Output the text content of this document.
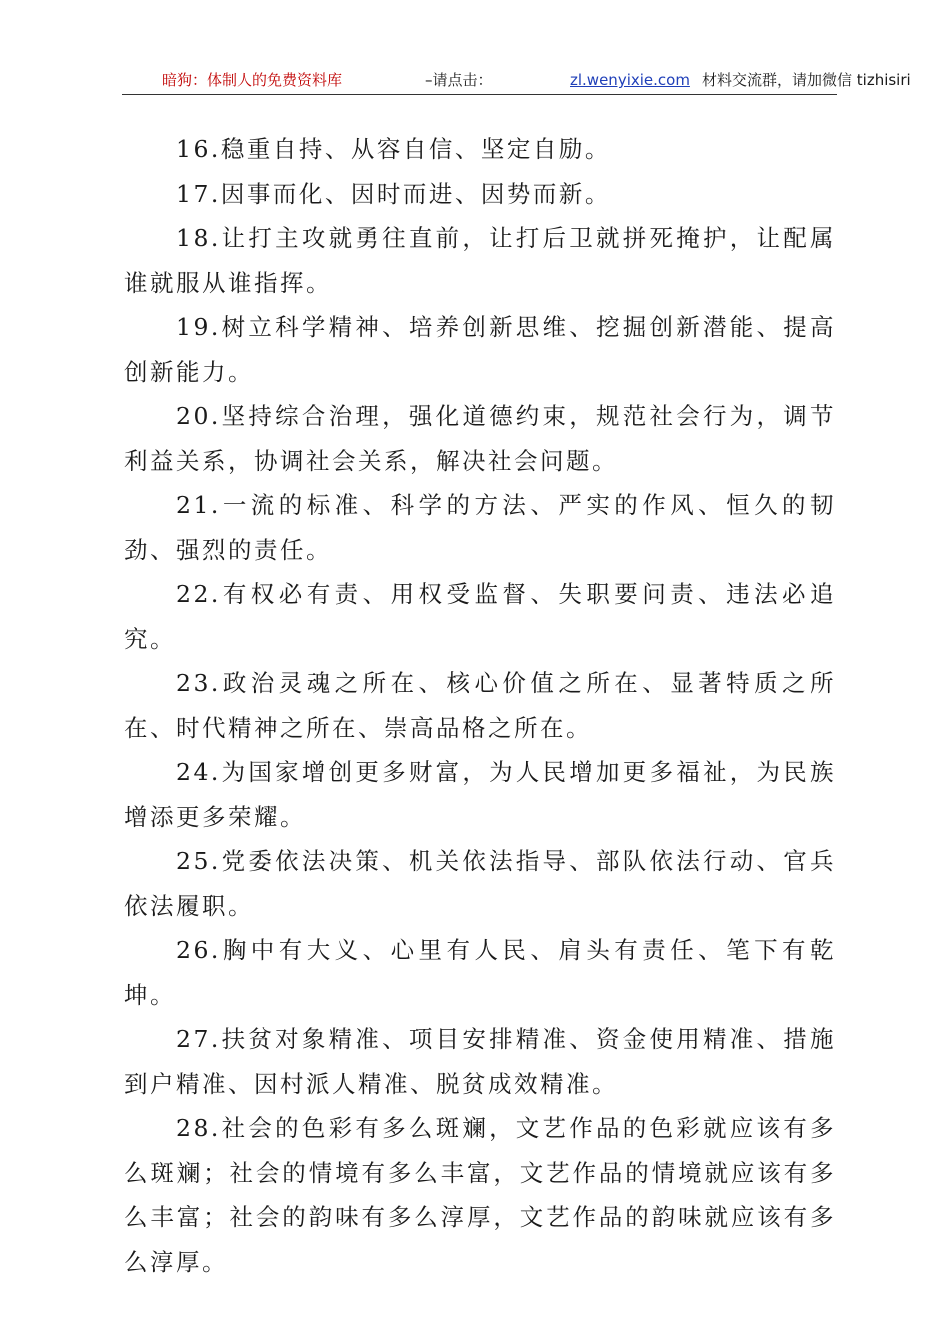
暗狗：体制人的免费资料库	–请点击：	zl.wenyixie.com 材料交流群，请加微信 tizhisiri

16.稳重自持、从容自信、坚定自励。

17.因事而化、因时而进、因势而新。

18.让打主攻就勇往直前，让打后卫就拼死掩护，让配属谁就服从谁指挥。

19.树立科学精神、培养创新思维、挖掘创新潜能、提高创新能力。

20.坚持综合治理，强化道德约束，规范社会行为，调节利益关系，协调社会关系，解决社会问题。

21.一流的标准、科学的方法、严实的作风、恒久的韧劲、强烈的责任。

22.有权必有责、用权受监督、失职要问责、违法必追究。

23.政治灵魂之所在、核心价值之所在、显著特质之所在、时代精神之所在、崇高品格之所在。

24.为国家增创更多财富，为人民增加更多福祉，为民族增添更多荣耀。

25.党委依法决策、机关依法指导、部队依法行动、官兵依法履职。

26.胸中有大义、心里有人民、肩头有责任、笔下有乾坤。

27.扶贫对象精准、项目安排精准、资金使用精准、措施到户精准、因村派人精准、脱贫成效精准。

28.社会的色彩有多么斑斓，文艺作品的色彩就应该有多么斑斓；社会的情境有多么丰富，文艺作品的情境就应该有多么丰富；社会的韵味有多么淳厚，文艺作品的韵味就应该有多么淳厚。
